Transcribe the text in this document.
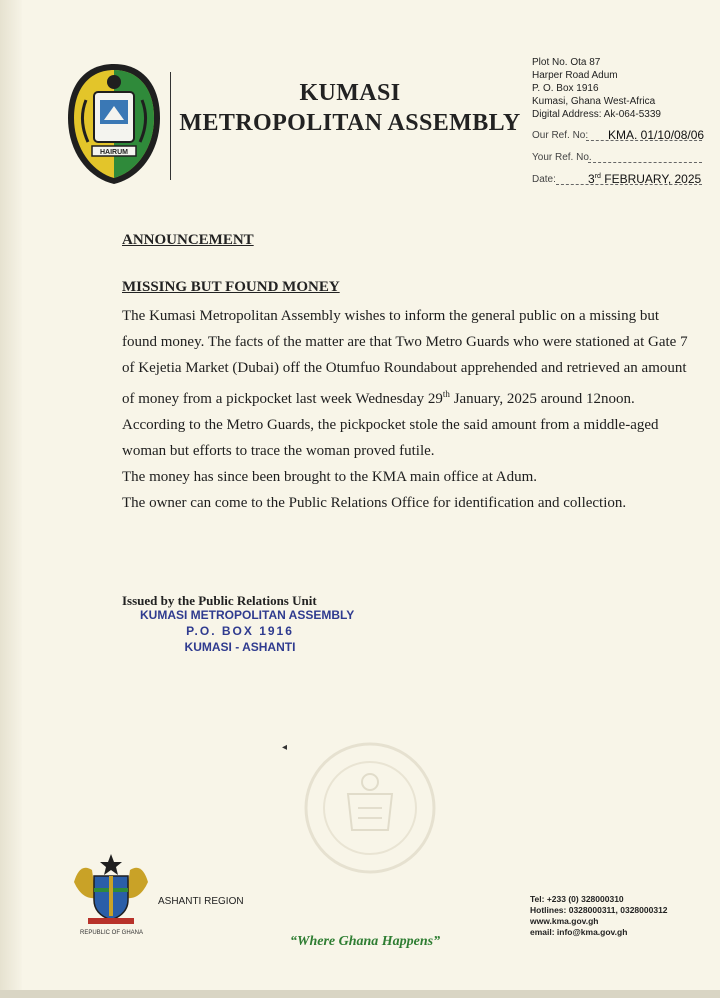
HAIRUM
KUMASI
METROPOLITAN ASSEMBLY
Plot No. Ota 87
Harper Road Adum
P. O. Box 1916
Kumasi, Ghana West-Africa
Digital Address: Ak-064-5339
Our Ref. No: KMA. 01/10/08/06
Your Ref. No.
Date:	3rd FEBRUARY, 2025
ANNOUNCEMENT
MISSING BUT FOUND MONEY

The Kumasi Metropolitan Assembly wishes to inform the general public on a missing but found money. The facts of the matter are that Two Metro Guards who were stationed at Gate 7 of Kejetia Market (Dubai) off the Otumfuo Roundabout apprehended and retrieved an amount of money from a pickpocket last week Wednesday 29th January, 2025 around 12noon.

According to the Metro Guards, the pickpocket stole the said amount from a middle-aged woman but efforts to trace the woman proved futile.

The money has since been brought to the KMA main office at Adum.

The owner can come to the Public Relations Office for identification and collection.

Issued by the Public Relations Unit
KUMASI METROPOLITAN ASSEMBLY
P.O. BOX 1916
KUMASI - ASHANTI
◂
ASHANTI REGION
REPUBLIC OF GHANA
“Where Ghana Happens”
Tel: +233 (0) 328000310
Hotlines: 0328000311, 0328000312
www.kma.gov.gh
email: info@kma.gov.gh
